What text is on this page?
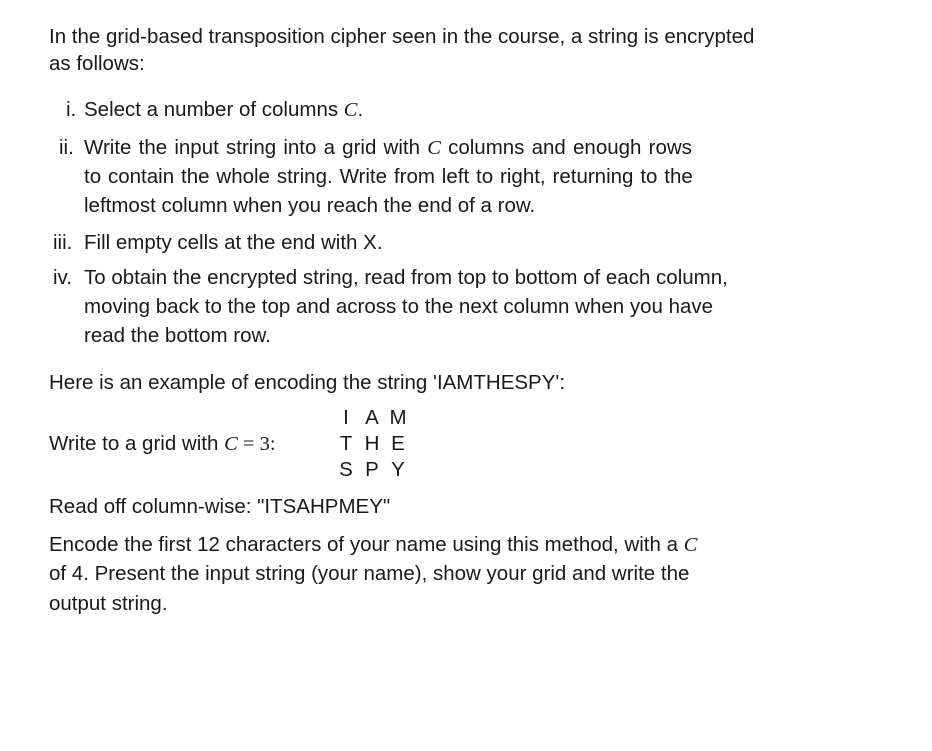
In the grid-based transposition cipher seen in the course, a string is encrypted
as follows:
i. Select a number of columns C.
ii. Write the input string into a grid with C columns and enough rows
to contain the whole string. Write from left to right, returning to the
leftmost column when you reach the end of a row.
iii. Fill empty cells at the end with X.
iv. To obtain the encrypted string, read from top to bottom of each column,
moving back to the top and across to the next column when you have
read the bottom row.
Here is an example of encoding the string 'IAMTHESPY':
Write to a grid with C = 3:
I A M
T H E
S P Y
Read off column-wise: "ITSAHPMEY"
Encode the first 12 characters of your name using this method, with a C
of 4. Present the input string (your name), show your grid and write the
output string.
